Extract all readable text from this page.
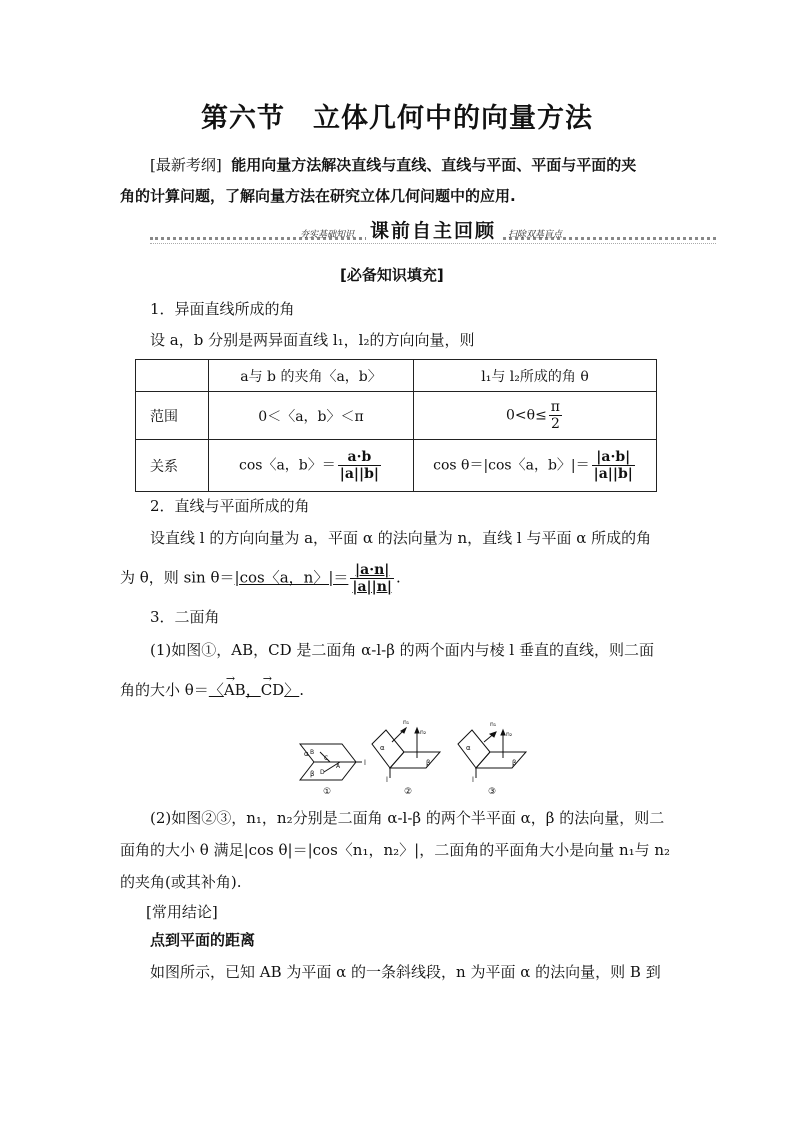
第六节 立体几何中的向量方法
[最新考纲] 能用向量方法解决直线与直线、直线与平面、平面与平面的夹
角的计算问题，了解向量方法在研究立体几何问题中的应用.
夯实基础知识 课前自主回顾	扫除双基盲点
[必备知识填充]
1．异面直线所成的角
设 a，b 分别是两异面直线 l₁，l₂的方向向量，则
	a与 b 的夹角〈a，b〉	l₁与 l₂所成的角 θ
范围	0＜〈a，b〉＜π	$0<\theta\le \frac{\pi}{2}$

关系	cos〈a，b〉＝ $\frac{a\cdot b}{|a||b|}$	cos θ＝|cos〈a，b〉|＝ $\frac{|a\cdot b|}{|a||b|}$
2．直线与平面所成的角
设直线 l 的方向向量为 a，平面 α 的法向量为 n，直线 l 与平面 α 所成的角
为 θ，则 sin θ＝|cos〈a，n〉|＝ $\frac{|a\cdot n|}{|a||n|}$ .
3．二面角
(1)如图①，AB，CD 是二面角 α-l-β 的两个面内与棱 l 垂直的直线，则二面
角的大小 θ＝〈→ AB，→ CD〉.
α B
C
β D
A	l
①
n₁
n₂
α
β
l
②
n₁
n₂
α
β
l
③
(2)如图②③，n₁，n₂分别是二面角 α-l-β 的两个半平面 α，β 的法向量，则二
面角的大小 θ 满足|cos θ|＝|cos〈n₁，n₂〉|，二面角的平面角大小是向量 n₁与 n₂
的夹角(或其补角).
[常用结论]
点到平面的距离
如图所示，已知 AB 为平面 α 的一条斜线段，n 为平面 α 的法向量，则 B 到
